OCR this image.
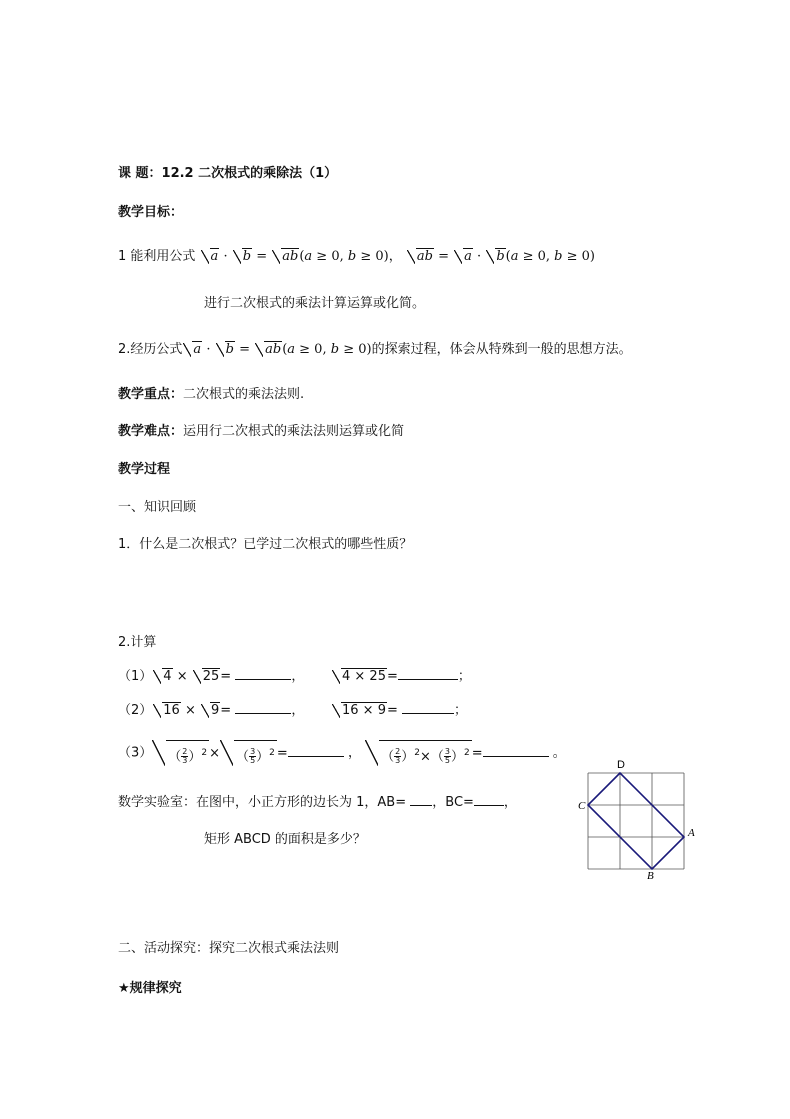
课 题：12.2 二次根式的乘除法（1）
教学目标：
1 能利用公式 a · b = ab(a ≥ 0, b ≥ 0)， ab = a · b(a ≥ 0, b ≥ 0)
进行二次根式的乘法计算运算或化简。
2.经历公式 a · b = ab(a ≥ 0, b ≥ 0)的探索过程，体会从特殊到一般的思想方法。
教学重点：二次根式的乘法法则.
教学难点：运用行二次根式的乘法法则运算或化简
教学过程
一、知识回顾
1．什么是二次根式？已学过二次根式的哪些性质？
2.计算
（1） 4 × 25=	，	4 × 25=	；
（2） 16 × 9=	，	16 × 9=	；
（3） （ $\frac{2}{3} )^2$ × （ $\frac{3}{5} )^2$ =	， （ $\frac{2}{3} )^2\times( \frac{3}{5} )^2$ =	。
数学实验室：在图中，小正方形的边长为 1，AB= ，BC= ，
矩形 ABCD 的面积是多少？
D
C
A
B
二、活动探究：探究二次根式乘法法则
★规律探究
